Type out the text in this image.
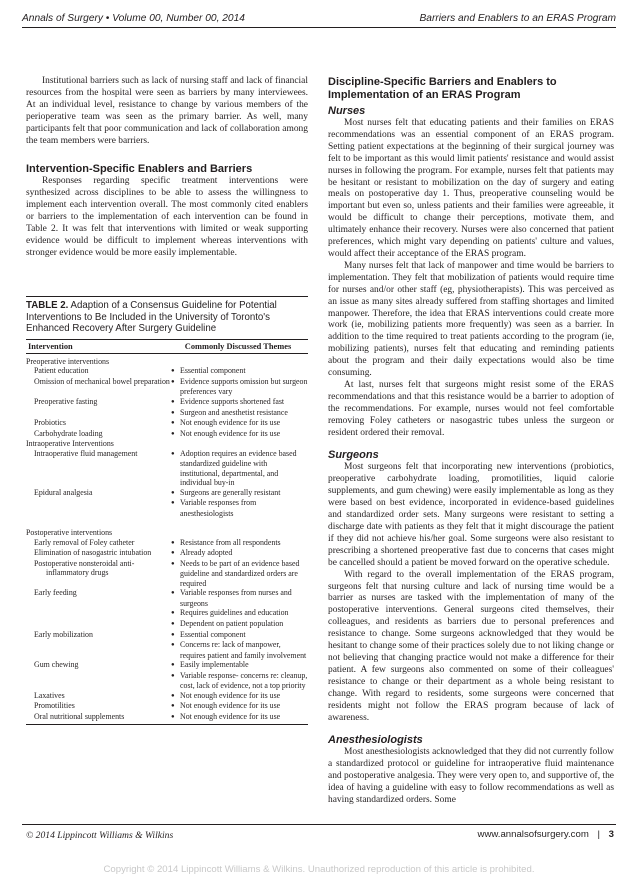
Annals of Surgery • Volume 00, Number 00, 2014	Barriers and Enablers to an ERAS Program

Institutional barriers such as lack of nursing staff and lack of financial resources from the hospital were seen as barriers by many interviewees. At an individual level, resistance to change by various members of the perioperative team was seen as the primary barrier. As well, many participants felt that poor communication and lack of collaboration among the team members were barriers.

Intervention-Specific Enablers and Barriers

Responses regarding specific treatment interventions were synthesized across disciplines to be able to assess the willingness to implement each intervention overall. The most commonly cited enablers or barriers to the implementation of each intervention can be found in Table 2. It was felt that interventions with limited or weak supporting evidence would be difficult to implement whereas interventions with stronger evidence would be more easily implementable.

TABLE 2. Adaption of a Consensus Guideline for Potential Interventions to Be Included in the University of Toronto's Enhanced Recovery After Surgery Guideline
Intervention	Commonly Discussed Themes
Preoperative interventions
Patient education	● Essential component
Omission of mechanical bowel preparation	● Evidence supports omission but surgeon preferences vary
Preoperative fasting	● Evidence supports shortened fast
● Surgeon and anesthetist resistance
Probiotics	● Not enough evidence for its use
Carbohydrate loading	● Not enough evidence for its use
Intraoperative Interventions
Intraoperative fluid management	● Adoption requires an evidence based standardized guideline with institutional, departmental, and individual buy-in
Epidural analgesia	● Surgeons are generally resistant
● Variable responses from anesthesiologists
Postoperative interventions
Early removal of Foley catheter	● Resistance from all respondents
Elimination of nasogastric intubation	● Already adopted
Postoperative nonsteroidal anti-inflammatory drugs
● Needs to be part of an evidence based guideline and standardized orders are required
Early feeding	● Variable responses from nurses and surgeons
● Requires guidelines and education
● Dependent on patient population
Early mobilization	● Essential component
● Concerns re: lack of manpower, requires patient and family involvement
Gum chewing	● Easily implementable
● Variable response- concerns re: cleanup, cost, lack of evidence, not a top priority
Laxatives	● Not enough evidence for its use
Promotilities	● Not enough evidence for its use
Oral nutritional supplements	● Not enough evidence for its use
Discipline-Specific Barriers and Enablers to Implementation of an ERAS Program
Nurses

Most nurses felt that educating patients and their families on ERAS recommendations was an essential component of an ERAS program. Setting patient expectations at the beginning of their surgical journey was felt to be important as this would limit patients' resistance and would assist nurses in following the program. For example, nurses felt that patients may be hesitant or resistant to mobilization on the day of surgery and eating meals on postoperative day 1. Thus, preoperative counseling would be important but even so, unless patients and their families were agreeable, it would be difficult to change their perceptions, motivate them, and ultimately enhance their recovery. Nurses were also concerned that patient preferences, which might vary depending on patients' culture and values, would affect their acceptance of the ERAS program.

Many nurses felt that lack of manpower and time would be barriers to implementation. They felt that mobilization of patients would require time for nurses and/or other staff (eg, physiotherapists). This was perceived as an issue as many sites already suffered from staffing shortages and limited manpower. Therefore, the idea that ERAS interventions could create more work (ie, mobilizing patients more frequently) was seen as a barrier. In addition to the time required to treat patients according to the program (ie, mobilizing patients), nurses felt that educating and reminding patients about the program and their daily expectations would also be time consuming.

At last, nurses felt that surgeons might resist some of the ERAS recommendations and that this resistance would be a barrier to adoption of the recommendations. For example, nurses would not feel comfortable removing Foley catheters or nasogastric tubes unless the surgeon or resident ordered their removal.

Surgeons

Most surgeons felt that incorporating new interventions (probiotics, preoperative carbohydrate loading, promotilities, liquid calorie supplements, and gum chewing) were easily implementable as long as they were based on best evidence, incorporated in evidence-based guidelines and standardized order sets. Many surgeons were resistant to setting a discharge date with patients as they felt that it might discourage the patient if they did not achieve his/her goal. Some surgeons were also resistant to prescribing a shortened preoperative fast due to concerns that cases might be cancelled should a patient be moved forward on the operative schedule.

With regard to the overall implementation of the ERAS program, surgeons felt that nursing culture and lack of nursing time would be a barrier as nurses are tasked with the implementation of many of the postoperative interventions. General surgeons cited themselves, their colleagues, and residents as barriers due to personal preferences and resistance to change. Some surgeons acknowledged that they would be hesitant to change some of their practices solely due to not liking change or not believing that changing practice would not make a difference for their patient. A few surgeons also commented on some of their colleagues' resistance to change or their department as a whole being resistant to change. With regard to residents, some surgeons were concerned that residents might not follow the ERAS program because of lack of awareness.

Anesthesiologists

Most anesthesiologists acknowledged that they did not currently follow a standardized protocol or guideline for intraoperative fluid maintenance and postoperative analgesia. They were very open to, and supportive of, the idea of having a guideline with easy to follow recommendations as well as having standardized orders. Some

© 2014 Lippincott Williams & Wilkins	www.annalsofsurgery.com | 3
Copyright © 2014 Lippincott Williams & Wilkins. Unauthorized reproduction of this article is prohibited.
